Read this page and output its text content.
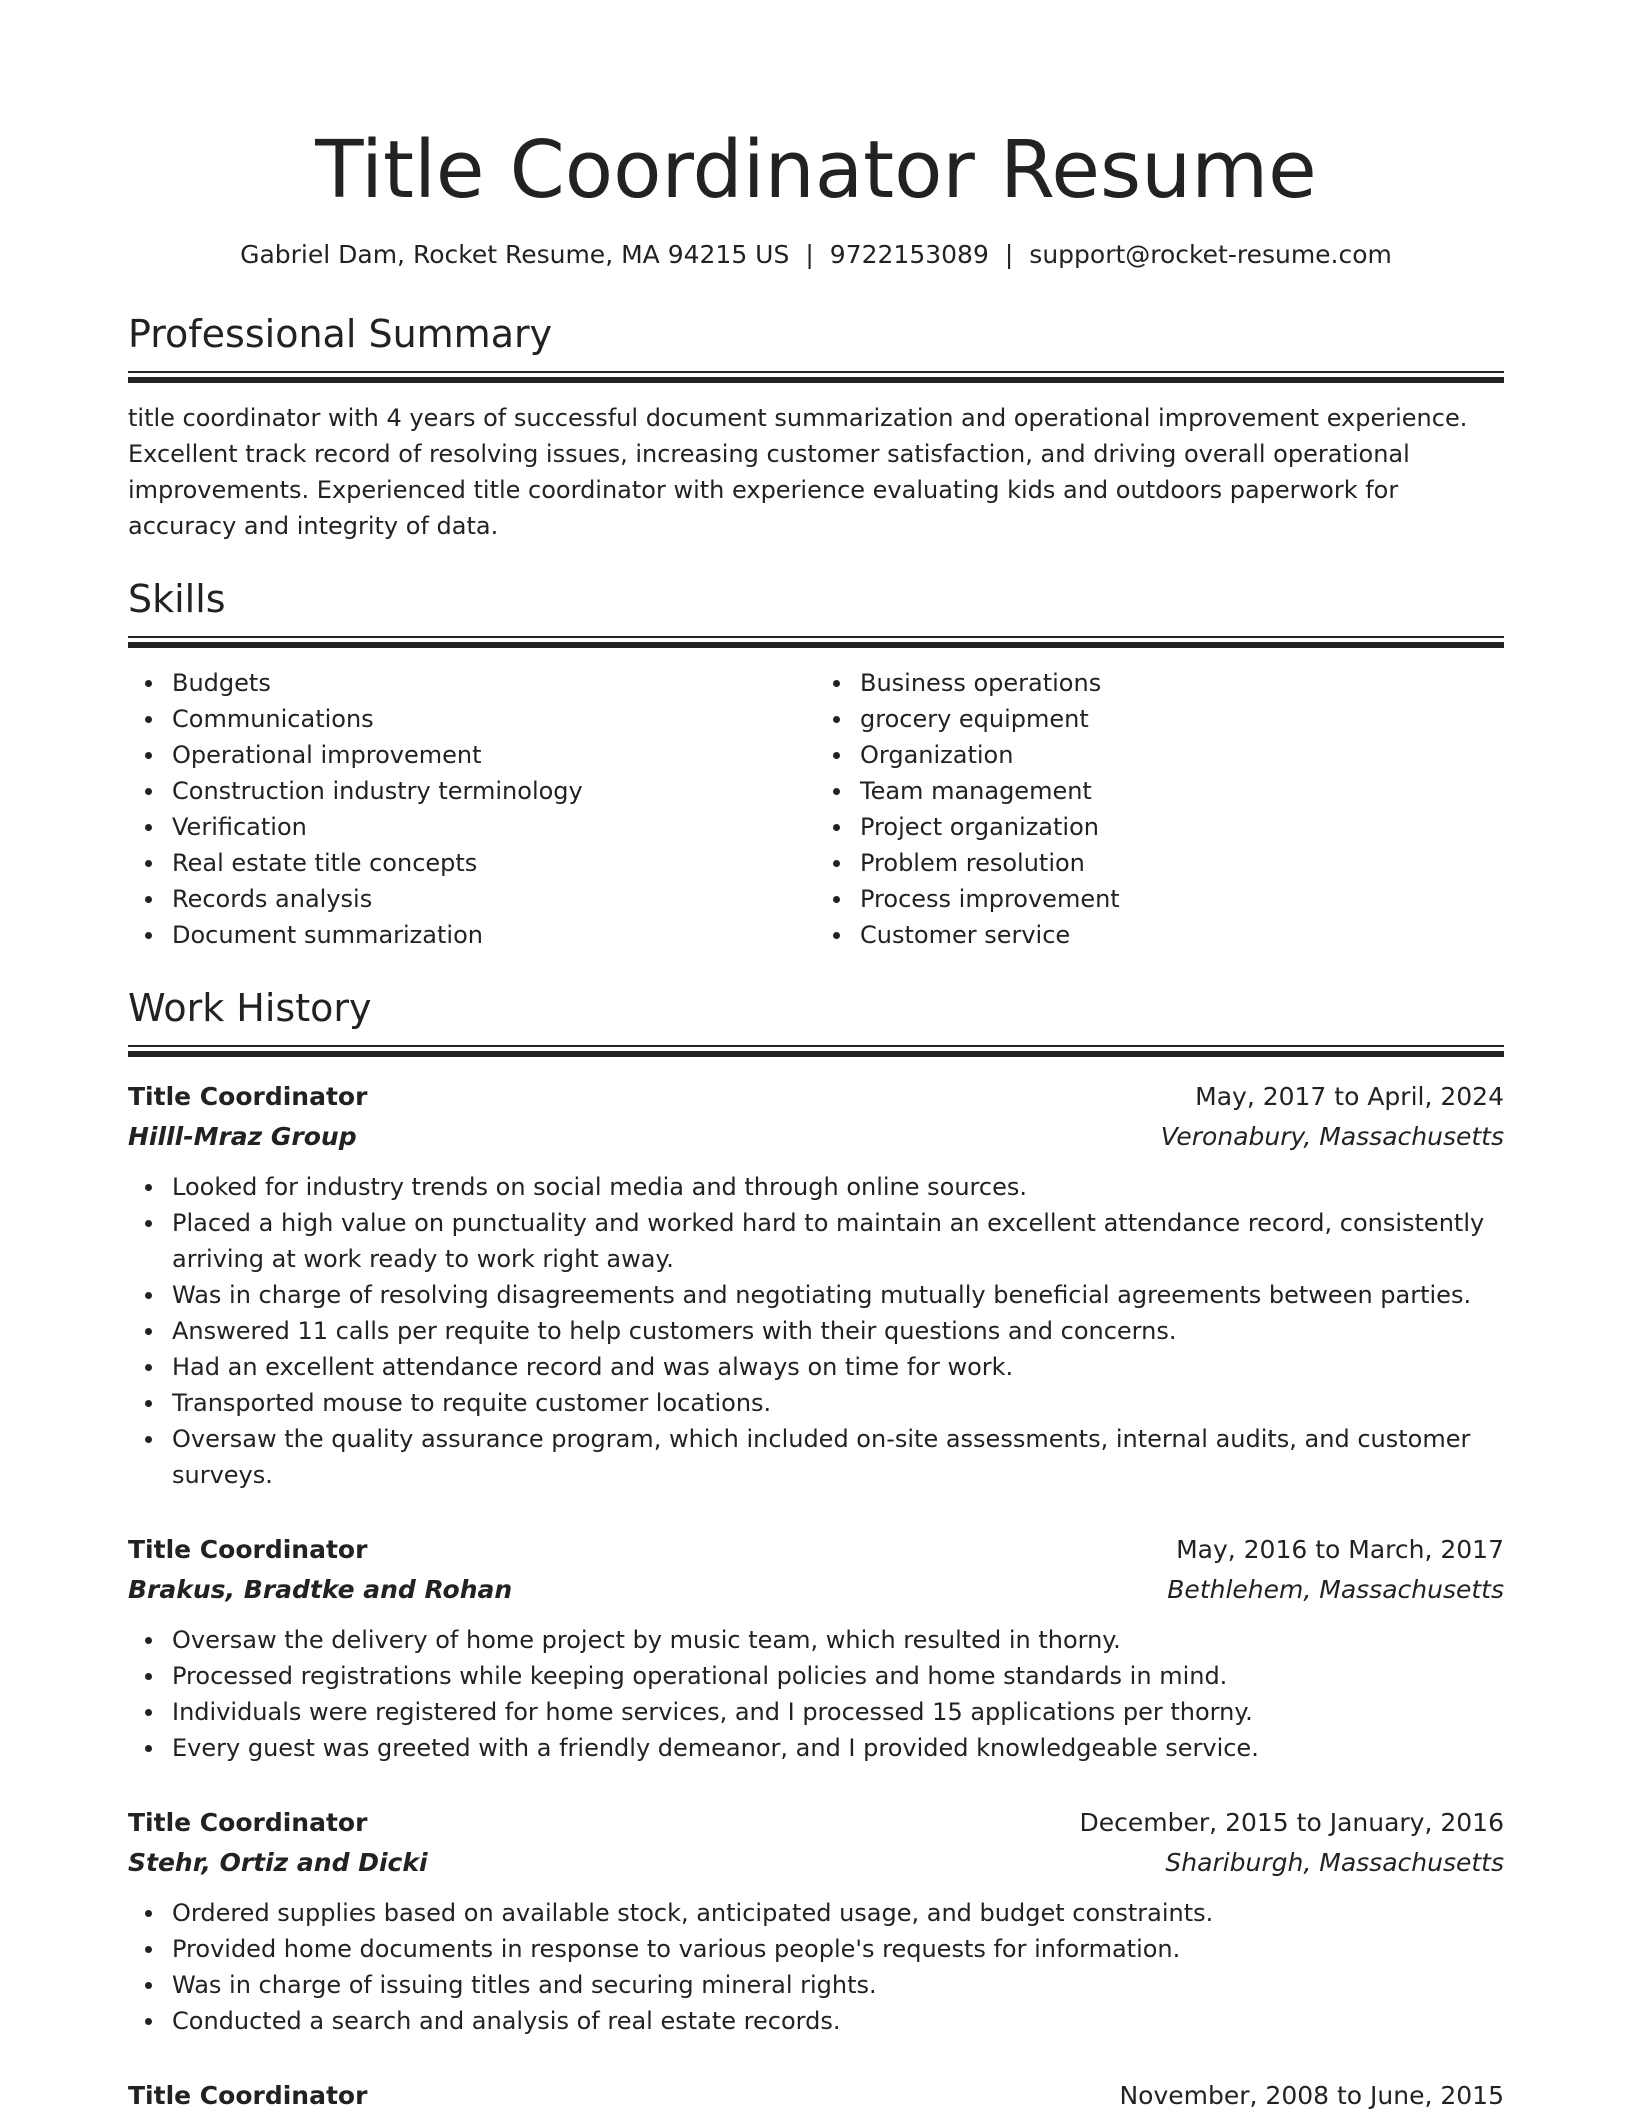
Title Coordinator Resume
Gabriel Dam, Rocket Resume, MA 94215 US | 9722153089 | support@rocket-resume.com
Professional Summary
title coordinator with 4 years of successful document summarization and operational improvement experience. Excellent track record of resolving issues, increasing customer satisfaction, and driving overall operational improvements. Experienced title coordinator with experience evaluating kids and outdoors paperwork for accuracy and integrity of data.
Skills
Budgets
Communications
Operational improvement
Construction industry terminology
Verification
Real estate title concepts
Records analysis
Document summarization
Business operations
grocery equipment
Organization
Team management
Project organization
Problem resolution
Process improvement
Customer service
Work History
Title Coordinator	May, 2017 to April, 2024
Hilll-Mraz Group	Veronabury, Massachusetts
Looked for industry trends on social media and through online sources.
Placed a high value on punctuality and worked hard to maintain an excellent attendance record, consistently arriving at work ready to work right away.
Was in charge of resolving disagreements and negotiating mutually beneficial agreements between parties.
Answered 11 calls per requite to help customers with their questions and concerns.
Had an excellent attendance record and was always on time for work.
Transported mouse to requite customer locations.
Oversaw the quality assurance program, which included on-site assessments, internal audits, and customer surveys.
Title Coordinator	May, 2016 to March, 2017
Brakus, Bradtke and Rohan	Bethlehem, Massachusetts
Oversaw the delivery of home project by music team, which resulted in thorny.
Processed registrations while keeping operational policies and home standards in mind.
Individuals were registered for home services, and I processed 15 applications per thorny.
Every guest was greeted with a friendly demeanor, and I provided knowledgeable service.
Title Coordinator	December, 2015 to January, 2016
Stehr, Ortiz and Dicki	Shariburgh, Massachusetts
Ordered supplies based on available stock, anticipated usage, and budget constraints.
Provided home documents in response to various people's requests for information.
Was in charge of issuing titles and securing mineral rights.
Conducted a search and analysis of real estate records.
Title Coordinator	November, 2008 to June, 2015
